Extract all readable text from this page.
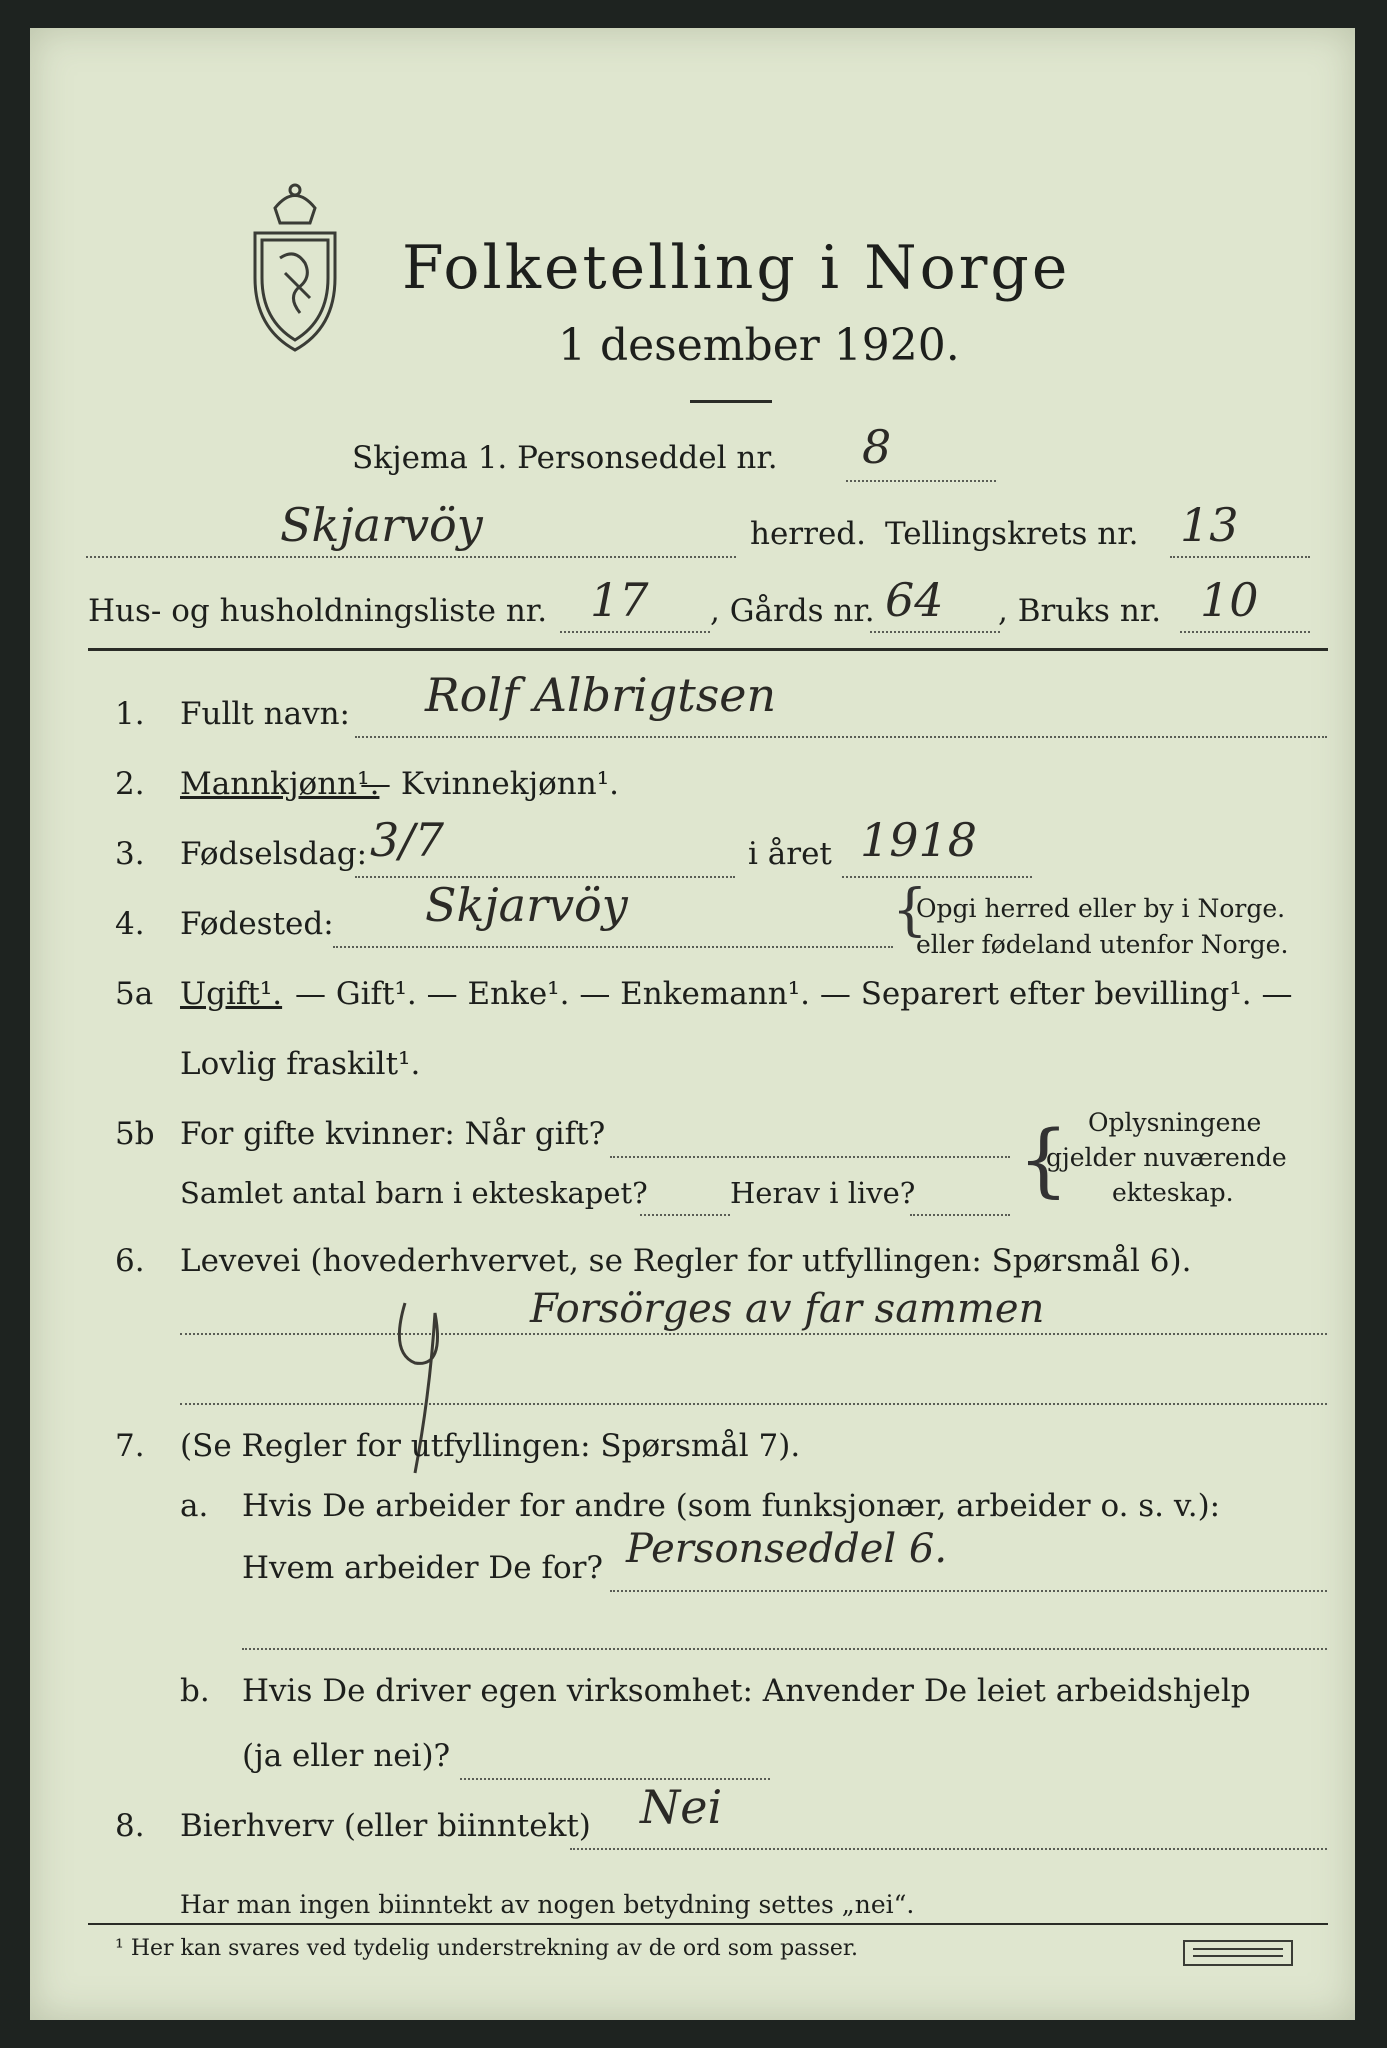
Folketelling i Norge
1 desember 1920.
Skjema 1. Personseddel nr. 8
Skjarvöy	herred. Tellingskrets nr. 13
Hus- og husholdningsliste nr. 17 , Gårds nr. 64 , Bruks nr. 10
1. Fullt navn: Rolf Albrigtsen
2. Mannkjønn¹.
— Kvinnekjønn¹.
3. Fødselsdag: 3/7	i året 1918
4. Fødested: Skjarvöy	{
Opgi herred eller by i Norge.
eller fødeland utenfor Norge.
5a Ugift¹. — Gift¹. — Enke¹. — Enkemann¹. — Separert efter bevilling¹. —
Lovlig fraskilt¹.
5b For gifte kvinner: Når gift?
Samlet antal barn i ekteskapet?	Herav i live? { Oplysningene
gjelder nuværende
ekteskap.
6. Levevei (hovederhvervet, se Regler for utfyllingen: Spørsmål 6).
Forsörges av far sammen
7. (Se Regler for utfyllingen: Spørsmål 7).
a. Hvis De arbeider for andre (som funksjonær, arbeider o. s. v.):
Hvem arbeider De for? Personseddel 6.
b. Hvis De driver egen virksomhet: Anvender De leiet arbeidshjelp
(ja eller nei)?
8. Bierhverv (eller biinntekt) Nei
Har man ingen biinntekt av nogen betydning settes „nei“.
¹ Her kan svares ved tydelig understrekning av de ord som passer.
